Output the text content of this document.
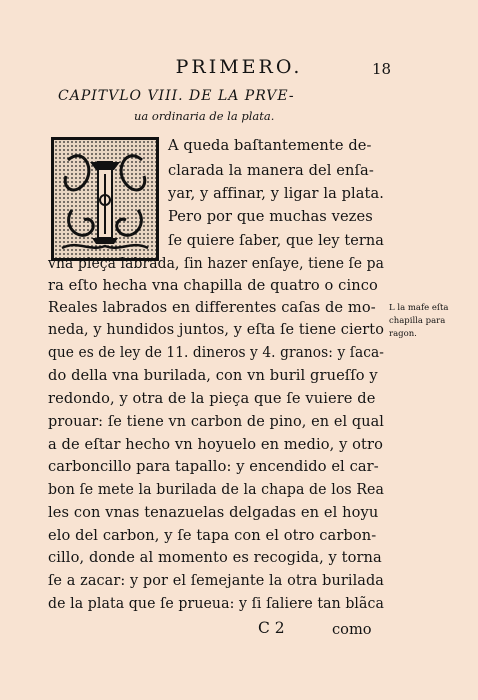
PRIMERO.	18
CAPITVLO VIII. DE LA PRVE-
ua ordinaria de la plata.
A queda baſtantemente de-
clarada la manera del enſa-
yar, y affinar, y ligar la plata.
Pero por que muchas vezes
ſe quiere ſaber, que ley terna
vna pieça labrada, ſin hazer enſaye, tiene ſe pa
ra eſto hecha vna chapilla de quatro o cinco
Reales labrados en differentes caſas de mo-
neda, y hundidos juntos, y eſta ſe tiene cierto
que es de ley de 11. dineros y 4. granos: y ſaca-
do della vna burilada, con vn buril grueſſo y
redondo, y otra de la pieça que ſe vuiere de
prouar: ſe tiene vn carbon de pino, en el qual
a de eſtar hecho vn hoyuelo en medio, y otro
carboncillo para tapallo: y encendido el car-
bon ſe mete la burilada de la chapa de los Rea
les con vnas tenazuelas delgadas en el hoyu
elo del carbon, y ſe tapa con el otro carbon-
cillo, donde al momento es recogida, y torna
ſe a zacar: y por el ſemejante la otra burilada
de la plata que ſe prueua: y ſi ſaliere tan blãca
L la mafe eſta
chapilla para
ragon.
C 2	como
